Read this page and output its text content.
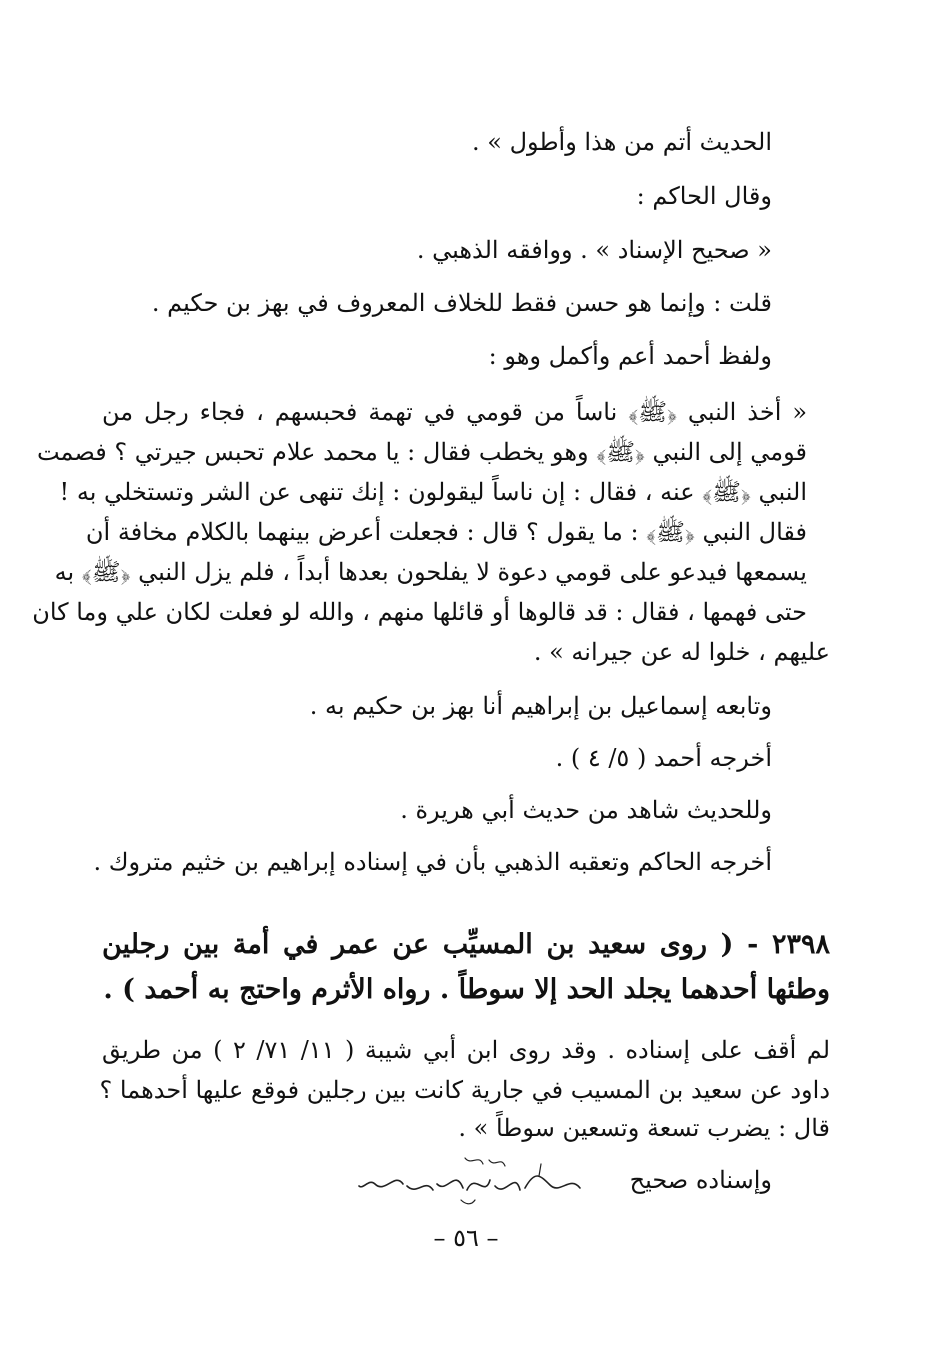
الحديث أتم من هذا وأطول » .
وقال الحاكم :
« صحيح الإسناد » . ووافقه الذهبي .
قلت : وإنما هو حسن فقط للخلاف المعروف في بهز بن حكيم .
ولفظ أحمد أعم وأكمل وهو :
« أخذ النبي ﴿ﷺ﴾ ناساً من قومي في تهمة فحبسهم ، فجاء رجل من
قومي إلى النبي ﴿ﷺ﴾ وهو يخطب فقال : يا محمد علام تحبس جيرتي ؟ فصمت
النبي ﴿ﷺ﴾ عنه ، فقال : إن ناساً ليقولون : إنك تنهى عن الشر وتستخلي به !
فقال النبي ﴿ﷺ﴾ : ما يقول ؟ قال : فجعلت أعرض بينهما بالكلام مخافة أن
يسمعها فيدعو على قومي دعوة لا يفلحون بعدها أبداً ، فلم يزل النبي ﴿ﷺ﴾ به
حتى فهمها ، فقال : قد قالوها أو قائلها منهم ، والله لو فعلت لكان علي وما كان
عليهم ، خلوا له عن جيرانه » .
وتابعه إسماعيل بن إبراهيم أنا بهز بن حكيم به .
أخرجه أحمد ( ٥/ ٤ ) .
وللحديث شاهد من حديث أبي هريرة .
أخرجه الحاكم وتعقبه الذهبي بأن في إسناده إبراهيم بن خثيم متروك .
٢٣٩٨ - ( روى سعيد بن المسيِّب عن عمر في أمة بين رجلين
وطئها أحدهما يجلد الحد إلا سوطاً . رواه الأثرم واحتج به أحمد ) .
لم أقف على إسناده . وقد روى ابن أبي شيبة ( ١١/ ٧١/ ٢ ) من طريق
داود عن سعيد بن المسيب في جارية كانت بين رجلين فوقع عليها أحدهما ؟
قال : يضرب تسعة وتسعين سوطاً » .
وإسناده صحيح
– ٥٦ –
